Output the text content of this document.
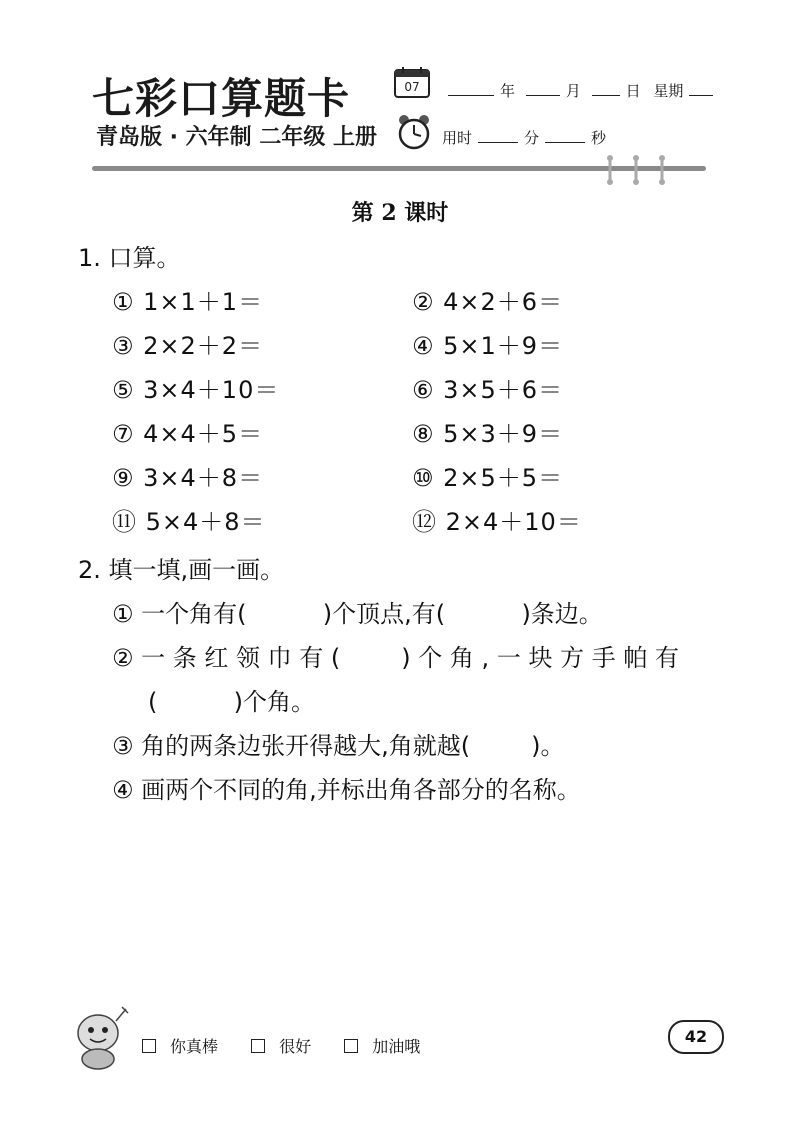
七彩口算题卡
青岛版 · 六年制 二年级 上册
07	年	月	日 星期
用时	分	秒
第 2 课时
1. 口算。
① 1×1＋1＝	② 4×2＋6＝
③ 2×2＋2＝	④ 5×1＋9＝
⑤ 3×4＋10＝	⑥ 3×5＋6＝
⑦ 4×4＋5＝	⑧ 5×3＋9＝
⑨ 3×4＋8＝	⑩ 2×5＋5＝
⑪ 5×4＋8＝	⑫ 2×4＋10＝
2. 填一填,画一画。
① 一个角有(          )个顶点,有(          )条边。
② 一 条 红 领 巾 有 (        ) 个 角 , 一 块 方 手 帕 有
(          )个角。
③ 角的两条边张开得越大,角就越(        )。
④ 画两个不同的角,并标出角各部分的名称。
你真棒	很好	加油哦
42
